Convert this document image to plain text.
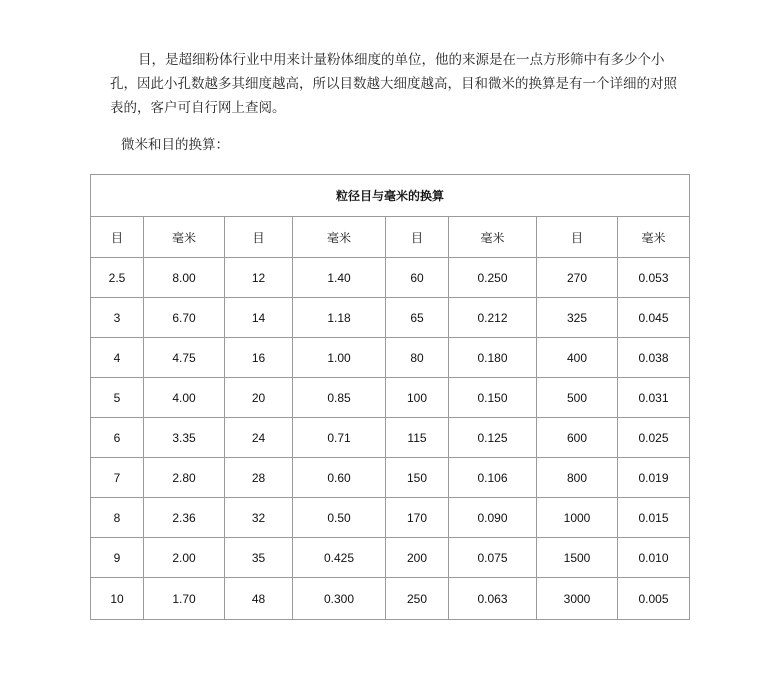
目，是超细粉体行业中用来计量粉体细度的单位，他的来源是在一点方形筛中有多少个小孔，因此小孔数越多其细度越高，所以目数越大细度越高，目和微米的换算是有一个详细的对照表的，客户可自行网上查阅。

微米和目的换算：

粒径目与毫米的换算							
目	毫米	目	毫米	目	毫米	目	毫米
2.5	8.00	12	1.40	60	0.250	270	0.053
3	6.70	14	1.18	65	0.212	325	0.045
4	4.75	16	1.00	80	0.180	400	0.038
5	4.00	20	0.85	100	0.150	500	0.031
6	3.35	24	0.71	115	0.125	600	0.025
7	2.80	28	0.60	150	0.106	800	0.019
8	2.36	32	0.50	170	0.090	1000	0.015
9	2.00	35	0.425	200	0.075	1500	0.010
10	1.70	48	0.300	250	0.063	3000	0.005
